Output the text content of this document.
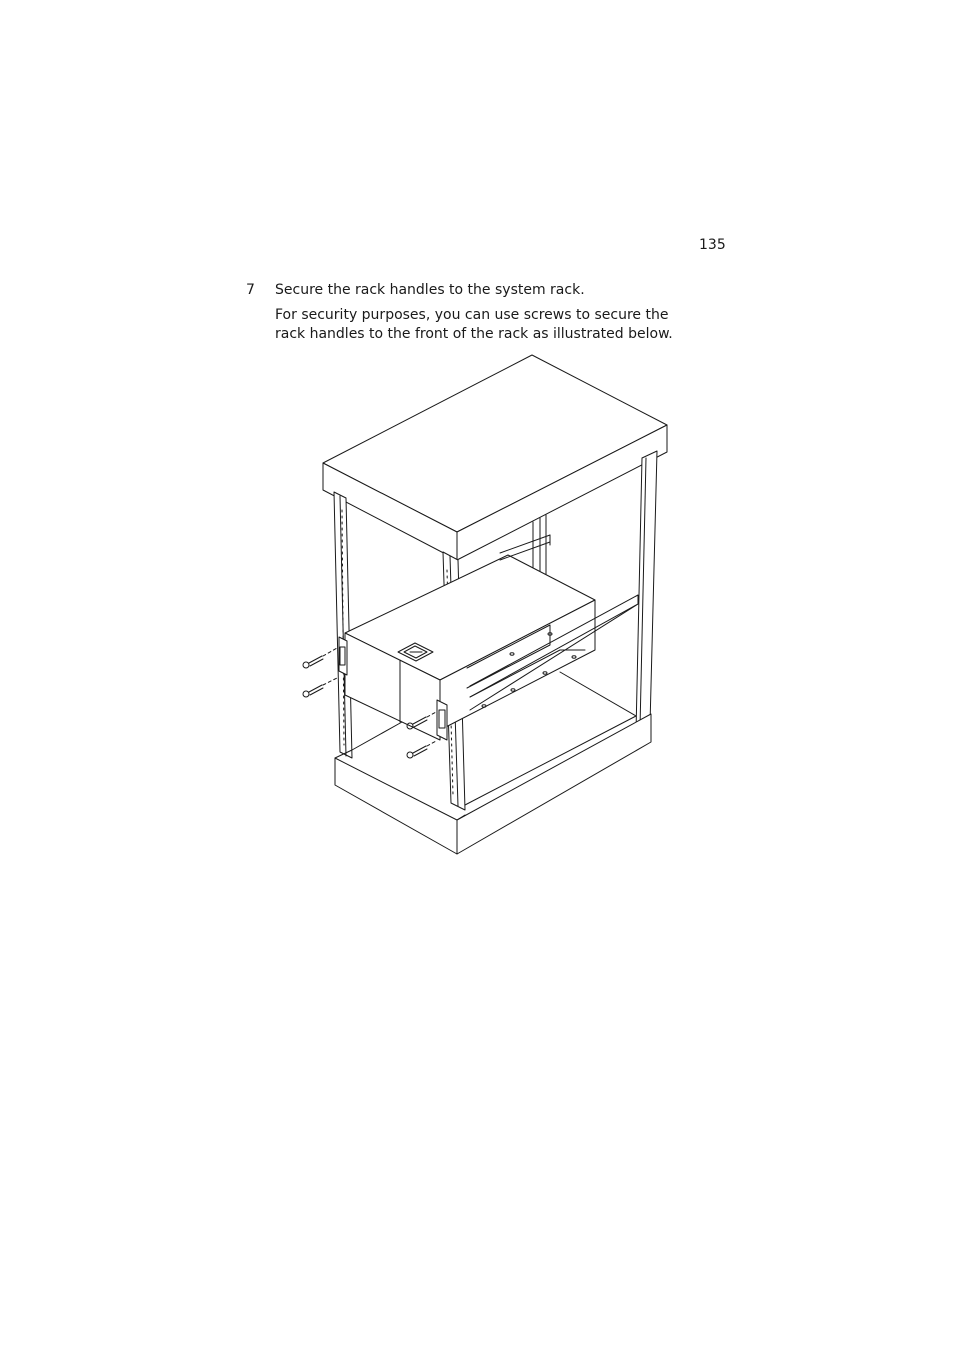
135
7 Secure the rack handles to the system rack.

For security purposes, you can use screws to secure the rack handles to the front of the rack as illustrated below.
